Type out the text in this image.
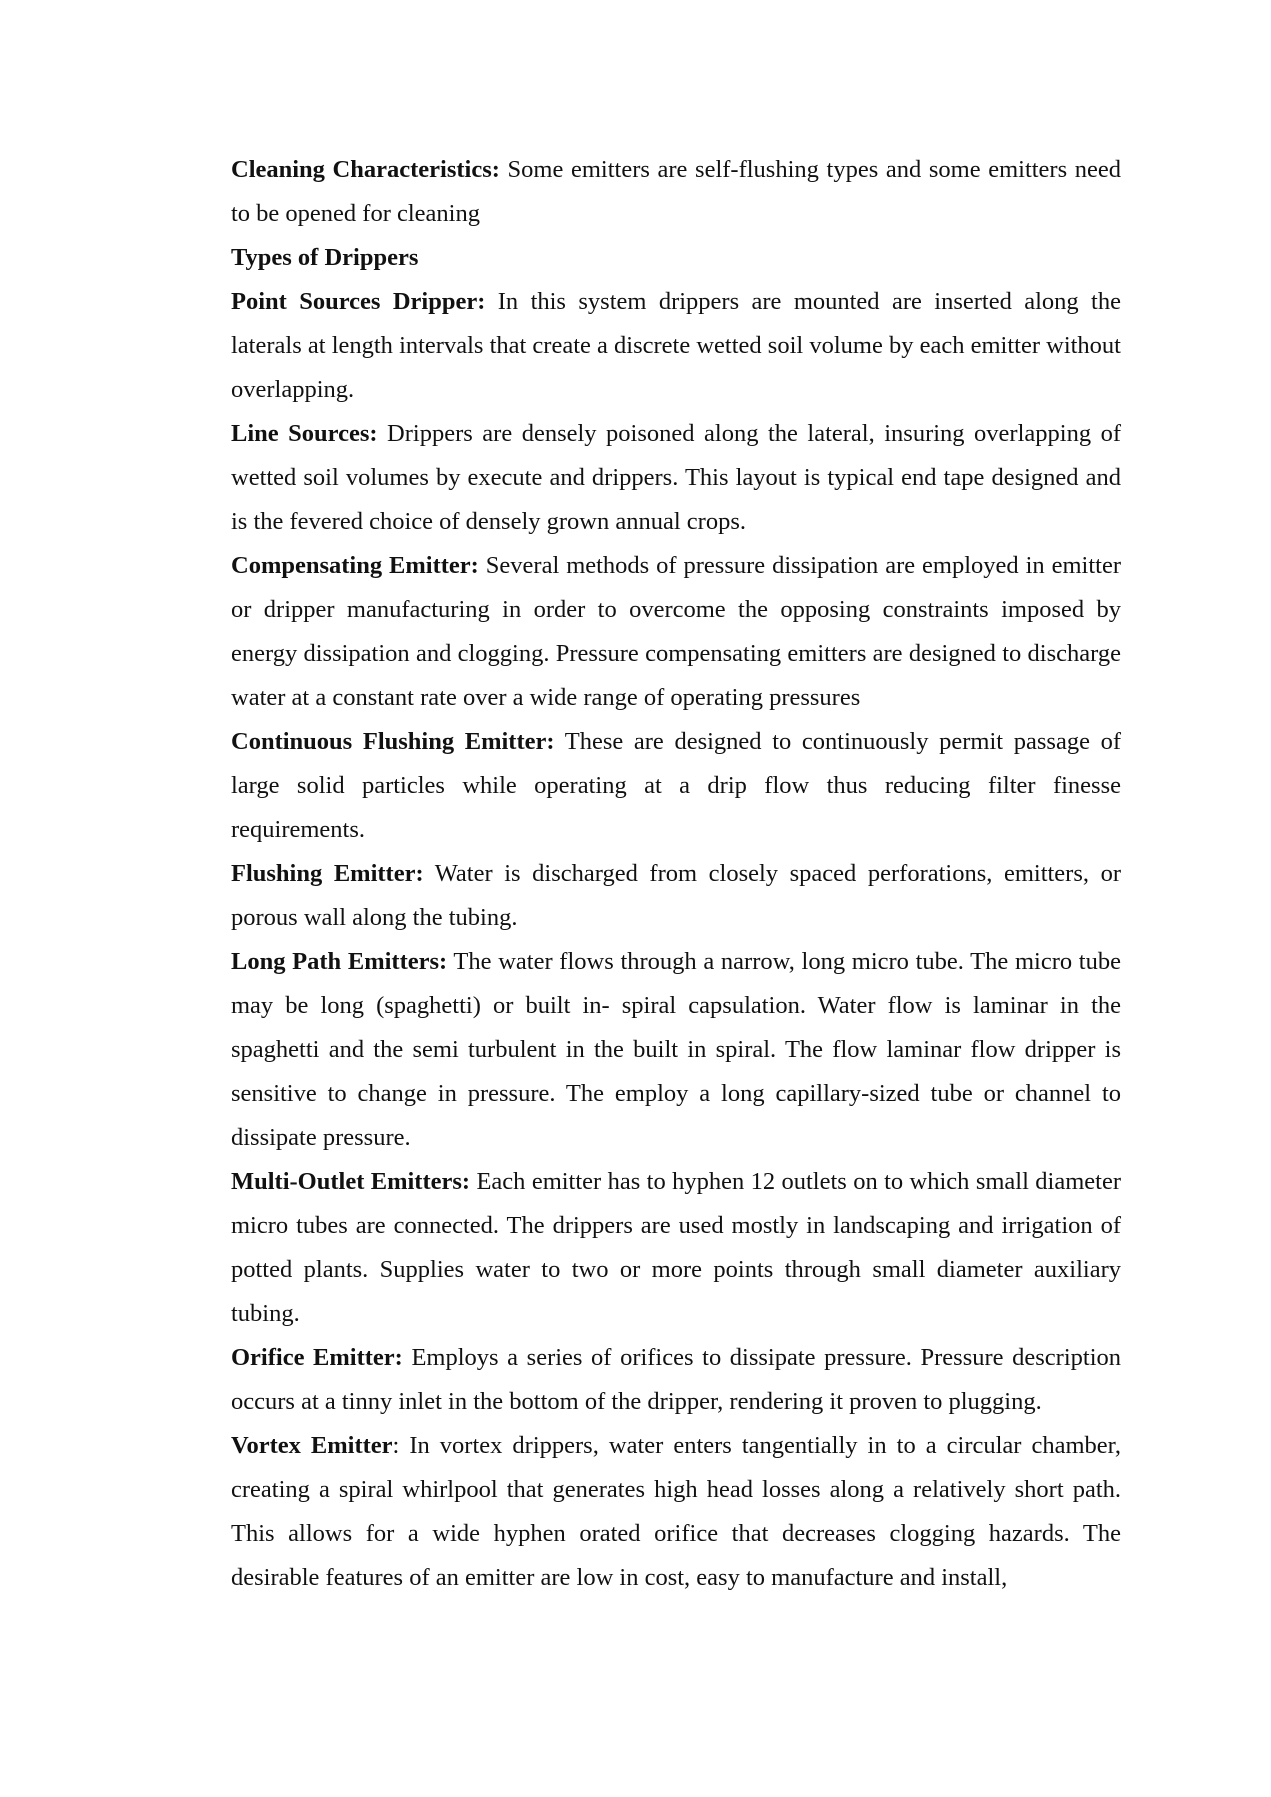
Cleaning Characteristics: Some emitters are self-flushing types and some emitters need to be opened for cleaning

Types of Drippers

Point Sources Dripper: In this system drippers are mounted are inserted along the laterals at length intervals that create a discrete wetted soil volume by each emitter without overlapping.

Line Sources: Drippers are densely poisoned along the lateral, insuring overlapping of wetted soil volumes by execute and drippers. This layout is typical end tape designed and is the fevered choice of densely grown annual crops.

Compensating Emitter: Several methods of pressure dissipation are employed in emitter or dripper manufacturing in order to overcome the opposing constraints imposed by energy dissipation and clogging. Pressure compensating emitters are designed to discharge water at a constant rate over a wide range of operating pressures

Continuous Flushing Emitter: These are designed to continuously permit passage of large solid particles while operating at a drip flow thus reducing filter finesse requirements.

Flushing Emitter: Water is discharged from closely spaced perforations, emitters, or porous wall along the tubing.

Long Path Emitters: The water flows through a narrow, long micro tube. The micro tube may be long (spaghetti) or built in- spiral capsulation. Water flow is laminar in the spaghetti and the semi turbulent in the built in spiral. The flow laminar flow dripper is sensitive to change in pressure. The employ a long capillary-sized tube or channel to dissipate pressure.

Multi-Outlet Emitters: Each emitter has to hyphen 12 outlets on to which small diameter micro tubes are connected. The drippers are used mostly in landscaping and irrigation of potted plants. Supplies water to two or more points through small diameter auxiliary tubing.

Orifice Emitter: Employs a series of orifices to dissipate pressure. Pressure description occurs at a tinny inlet in the bottom of the dripper, rendering it proven to plugging.

Vortex Emitter: In vortex drippers, water enters tangentially in to a circular chamber, creating a spiral whirlpool that generates high head losses along a relatively short path. This allows for a wide hyphen orated orifice that decreases clogging hazards. The desirable features of an emitter are low in cost, easy to manufacture and install,
